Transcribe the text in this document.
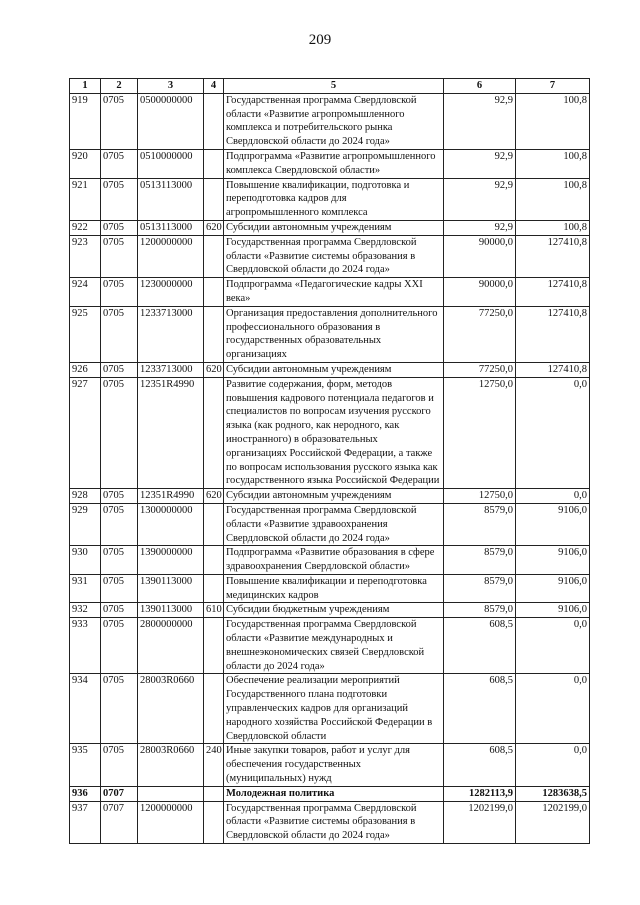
209
1	2	3	4	5	6	7
919	0705	0500000000		Государственная программа Свердловской области «Развитие агропромышленного комплекса и потребительского рынка Свердловской области до 2024 года»	92,9	100,8
920	0705	0510000000		Подпрограмма «Развитие агропромышленного комплекса Свердловской области»	92,9	100,8
921	0705	0513113000		Повышение квалификации, подготовка и переподготовка кадров для агропромышленного комплекса	92,9	100,8
922	0705	0513113000	620	Субсидии автономным учреждениям	92,9	100,8
923	0705	1200000000		Государственная программа Свердловской области «Развитие системы образования в Свердловской области до 2024 года»	90000,0	127410,8
924	0705	1230000000		Подпрограмма «Педагогические кадры XXI века»	90000,0	127410,8
925	0705	1233713000		Организация предоставления дополнительного профессионального образования в государственных образовательных организациях	77250,0	127410,8
926	0705	1233713000	620	Субсидии автономным учреждениям	77250,0	127410,8
927	0705	12351R4990		Развитие содержания, форм, методов повышения кадрового потенциала педагогов и специалистов по вопросам изучения русского языка (как родного, как неродного, как иностранного) в образовательных организациях Российской Федерации, а также по вопросам использования русского языка как государственного языка Российской Федерации	12750,0	0,0
928	0705	12351R4990	620	Субсидии автономным учреждениям	12750,0	0,0
929	0705	1300000000		Государственная программа Свердловской области «Развитие здравоохранения Свердловской области до 2024 года»	8579,0	9106,0
930	0705	1390000000		Подпрограмма «Развитие образования в сфере здравоохранения Свердловской области»	8579,0	9106,0
931	0705	1390113000		Повышение квалификации и переподготовка медицинских кадров	8579,0	9106,0
932	0705	1390113000	610	Субсидии бюджетным учреждениям	8579,0	9106,0
933	0705	2800000000		Государственная программа Свердловской области «Развитие международных и внешнеэкономических связей Свердловской области до 2024 года»	608,5	0,0
934	0705	28003R0660		Обеспечение реализации мероприятий Государственного плана подготовки управленческих кадров для организаций народного хозяйства Российской Федерации в Свердловской области	608,5	0,0
935	0705	28003R0660	240	Иные закупки товаров, работ и услуг для обеспечения государственных (муниципальных) нужд	608,5	0,0
936	0707			Молодежная политика	1282113,9	1283638,5
937	0707	1200000000		Государственная программа Свердловской области «Развитие системы образования в Свердловской области до 2024 года»	1202199,0	1202199,0
